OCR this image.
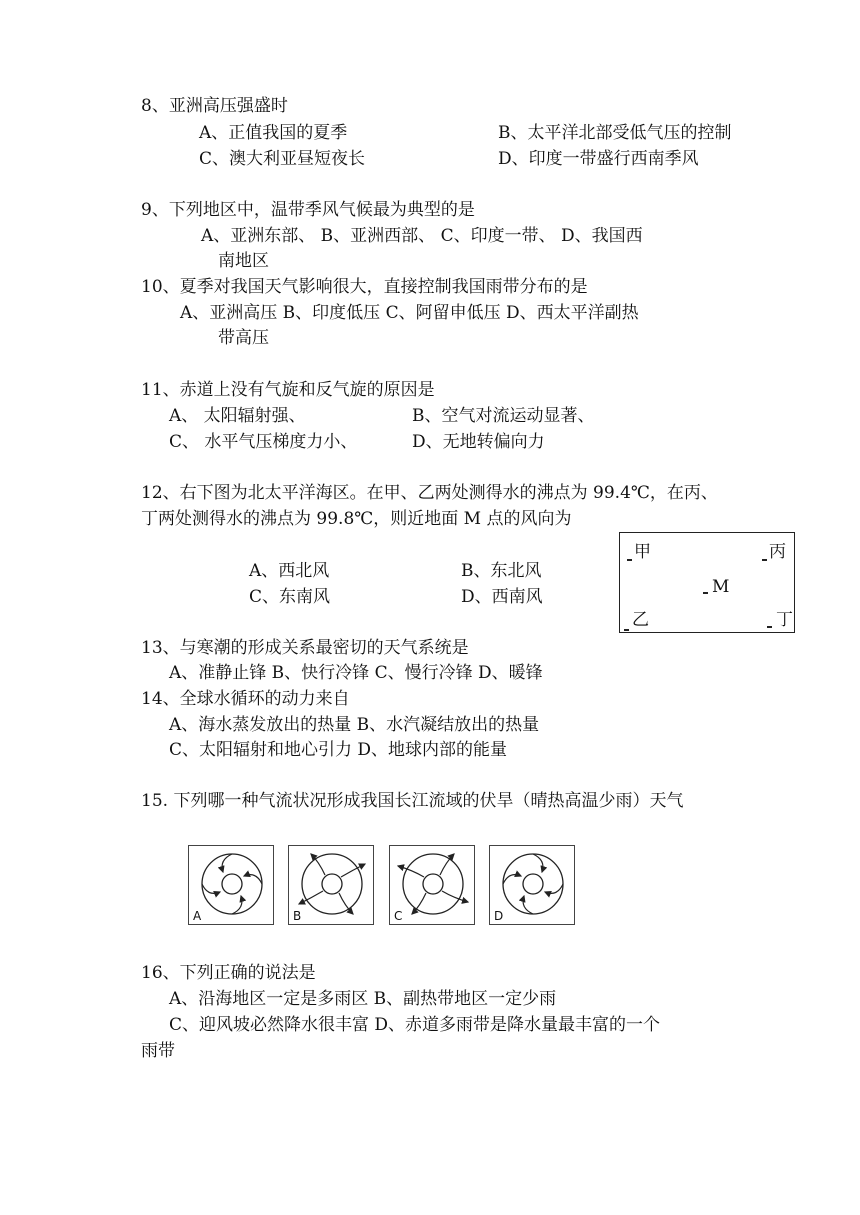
8、亚洲高压强盛时
A、正值我国的夏季	B、太平洋北部受低气压的控制
C、澳大利亚昼短夜长	D、印度一带盛行西南季风
9、下列地区中，温带季风气候最为典型的是
A、亚洲东部、 B、亚洲西部、 C、印度一带、 D、我国西
南地区
10、夏季对我国天气影响很大，直接控制我国雨带分布的是
A、亚洲高压 B、印度低压 C、阿留申低压 D、西太平洋副热
带高压
11、赤道上没有气旋和反气旋的原因是
A、 太阳辐射强、	B、空气对流运动显著、
C、 水平气压梯度力小、	D、无地转偏向力
12、右下图为北太平洋海区。在甲、乙两处测得水的沸点为 99.4℃，在丙、
丁两处测得水的沸点为 99.8℃，则近地面 M 点的风向为
A、西北风	B、东北风
C、东南风	D、西南风
甲	丙
M
乙	丁
13、与寒潮的形成关系最密切的天气系统是
A、准静止锋 B、快行冷锋 C、慢行冷锋 D、暖锋
14、全球水循环的动力来自
A、海水蒸发放出的热量 B、水汽凝结放出的热量
C、太阳辐射和地心引力 D、地球内部的能量
15. 下列哪一种气流状况形成我国长江流域的伏旱（晴热高温少雨）天气
A	B	C	D
16、下列正确的说法是
A、沿海地区一定是多雨区 B、副热带地区一定少雨
C、迎风坡必然降水很丰富 D、赤道多雨带是降水量最丰富的一个
雨带
